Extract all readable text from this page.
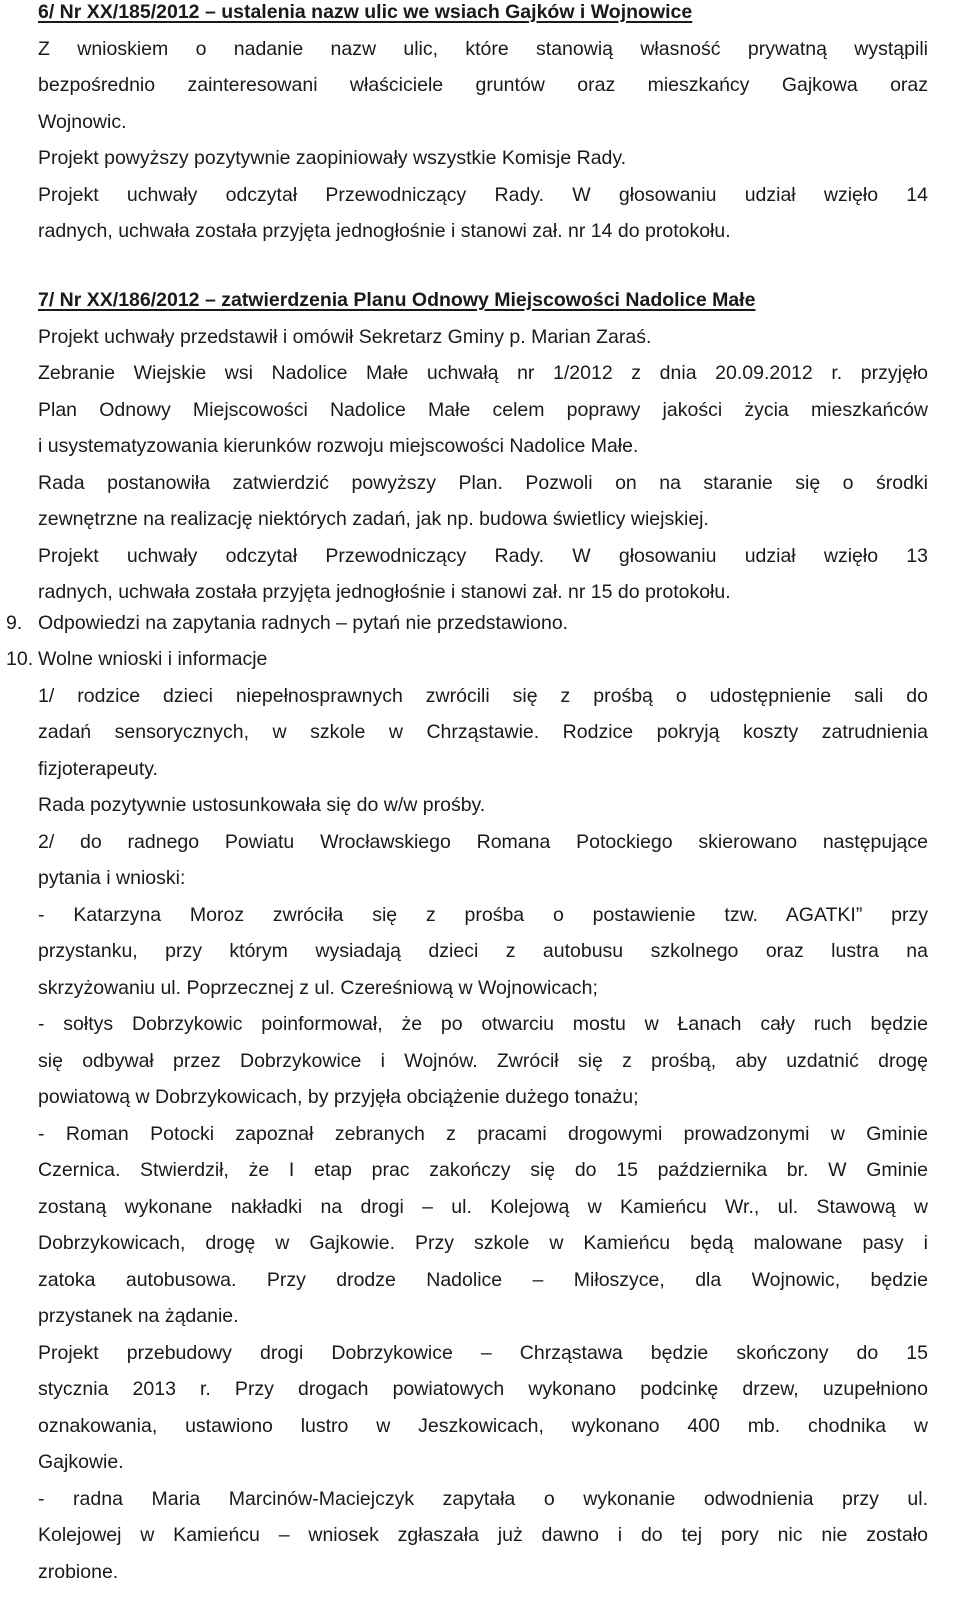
6/ Nr XX/185/2012 – ustalenia nazw ulic we wsiach Gajków i Wojnowice
Z wnioskiem o nadanie nazw ulic, które stanowią własność prywatną wystąpili
bezpośrednio zainteresowani właściciele gruntów oraz mieszkańcy Gajkowa oraz
Wojnowic.
Projekt powyższy pozytywnie zaopiniowały wszystkie Komisje Rady.
Projekt uchwały odczytał Przewodniczący Rady. W głosowaniu udział wzięło 14
radnych, uchwała została przyjęta jednogłośnie i stanowi zał. nr 14 do protokołu.
7/ Nr XX/186/2012 – zatwierdzenia Planu Odnowy Miejscowości Nadolice Małe
Projekt uchwały przedstawił i omówił Sekretarz Gminy p. Marian Zaraś.
Zebranie Wiejskie wsi Nadolice Małe uchwałą nr 1/2012 z dnia 20.09.2012 r. przyjęło
Plan Odnowy Miejscowości Nadolice Małe celem poprawy jakości życia mieszkańców
i usystematyzowania kierunków rozwoju miejscowości Nadolice Małe.
Rada postanowiła zatwierdzić powyższy Plan. Pozwoli on na staranie się o środki
zewnętrzne na realizację niektórych zadań, jak np. budowa świetlicy wiejskiej.
Projekt uchwały odczytał Przewodniczący Rady. W głosowaniu udział wzięło 13
radnych, uchwała została przyjęta jednogłośnie i stanowi zał. nr 15 do protokołu.
9. Odpowiedzi na zapytania radnych – pytań nie przedstawiono.
10. Wolne wnioski i informacje
1/ rodzice dzieci niepełnosprawnych zwrócili się z prośbą o udostępnienie sali do
zadań sensorycznych, w szkole w Chrząstawie. Rodzice pokryją koszty zatrudnienia
fizjoterapeuty.
Rada pozytywnie ustosunkowała się do w/w prośby.
2/ do radnego Powiatu Wrocławskiego Romana Potockiego skierowano następujące
pytania i wnioski:
- Katarzyna Moroz zwróciła się z prośba o postawienie tzw. AGATKI” przy
przystanku, przy którym wysiadają dzieci z autobusu szkolnego oraz lustra na
skrzyżowaniu ul. Poprzecznej z ul. Czereśniową w Wojnowicach;
- sołtys Dobrzykowic poinformował, że po otwarciu mostu w Łanach cały ruch będzie
się odbywał przez Dobrzykowice i Wojnów. Zwrócił się z prośbą, aby uzdatnić drogę
powiatową w Dobrzykowicach, by przyjęła obciążenie dużego tonażu;
- Roman Potocki zapoznał zebranych z pracami drogowymi prowadzonymi w Gminie
Czernica. Stwierdził, że I etap prac zakończy się do 15 października br. W Gminie
zostaną wykonane nakładki na drogi – ul. Kolejową w Kamieńcu Wr., ul. Stawową w
Dobrzykowicach, drogę w Gajkowie. Przy szkole w Kamieńcu będą malowane pasy i
zatoka autobusowa. Przy drodze Nadolice – Miłoszyce, dla Wojnowic, będzie
przystanek na żądanie.
Projekt przebudowy drogi Dobrzykowice – Chrząstawa będzie skończony do 15
stycznia 2013 r. Przy drogach powiatowych wykonano podcinkę drzew, uzupełniono
oznakowania, ustawiono lustro w Jeszkowicach, wykonano 400 mb. chodnika w
Gajkowie.
- radna Maria Marcinów-Maciejczyk zapytała o wykonanie odwodnienia przy ul.
Kolejowej w Kamieńcu – wniosek zgłaszała już dawno i do tej pory nic nie zostało
zrobione.
